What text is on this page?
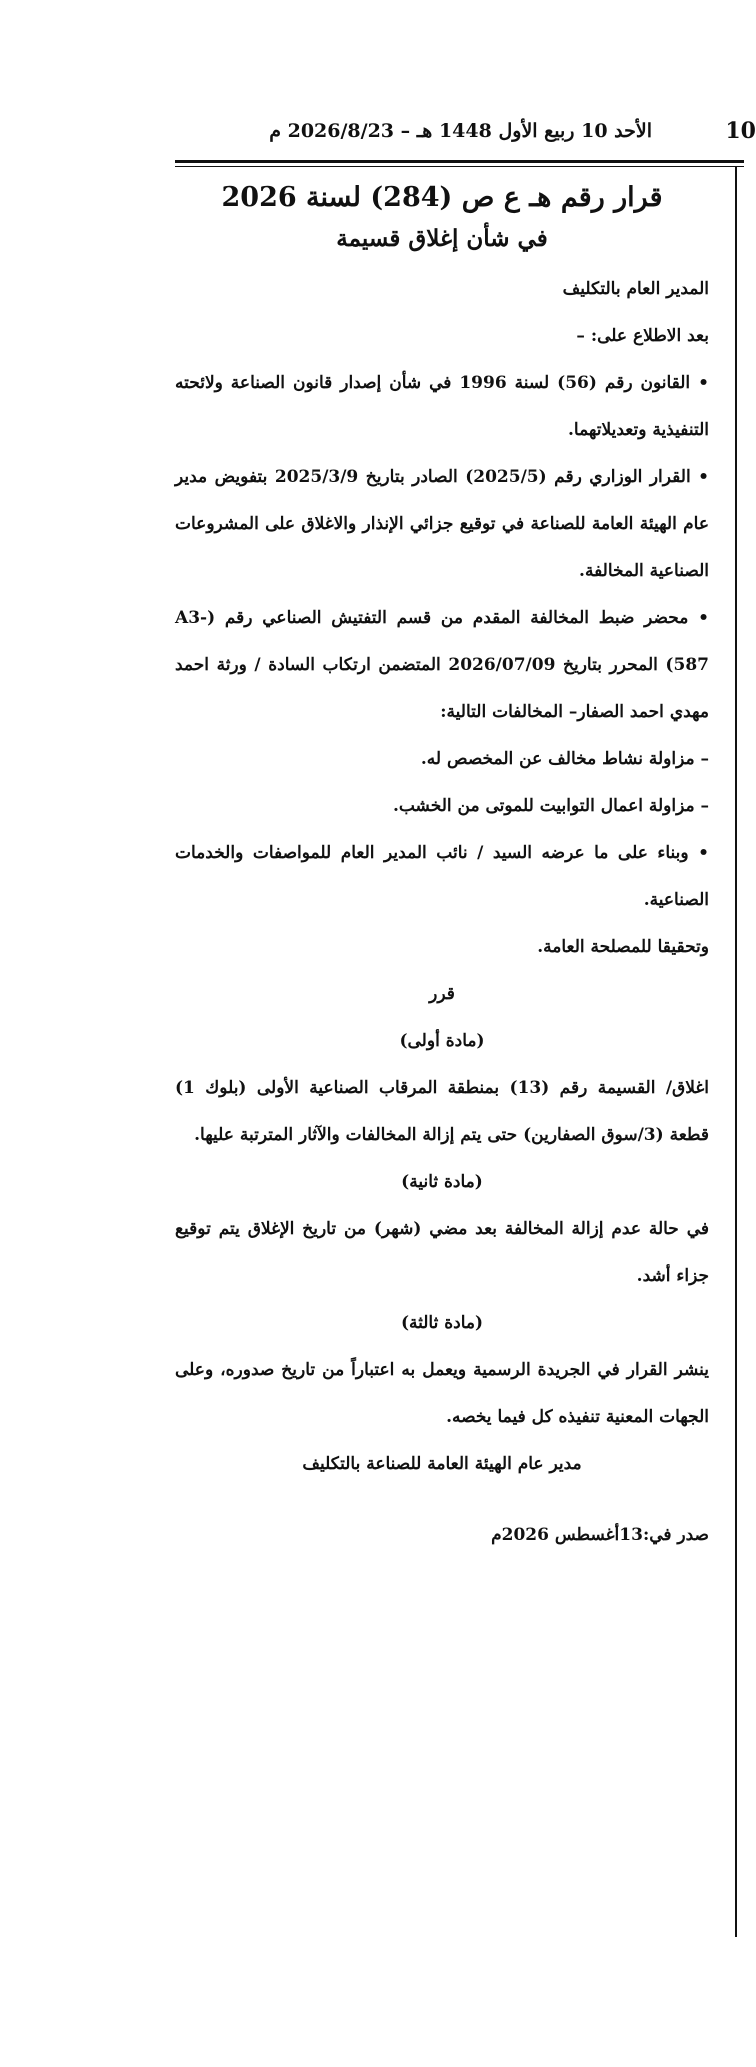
10
الأحد 10 ربيع الأول 1448 هـ – 2026/8/23 م
قرار رقم هـ ع ص (284) لسنة 2026
في شأن إغلاق قسيمة

المدير العام بالتكليف

بعد الاطلاع على: –

• القانون رقم (56) لسنة 1996 في شأن إصدار قانون الصناعة ولائحته التنفيذية وتعديلاتهما.

• القرار الوزاري رقم (2025/5) الصادر بتاريخ 2025/3/9 بتفويض مدير عام الهيئة العامة للصناعة في توقيع جزائي الإنذار والاغلاق على المشروعات الصناعية المخالفة.

• محضر ضبط المخالفة المقدم من قسم التفتيش الصناعي رقم (A3-587) المحرر بتاريخ 2026/07/09 المتضمن ارتكاب السادة / ورثة احمد مهدي احمد الصفار– المخالفات التالية:

– مزاولة نشاط مخالف عن المخصص له.

– مزاولة اعمال التوابيت للموتى من الخشب.

• وبناء على ما عرضه السيد / نائب المدير العام للمواصفات والخدمات الصناعية.

وتحقيقا للمصلحة العامة.

قرر

(مادة أولى)

اغلاق/ القسيمة رقم (13) بمنطقة المرقاب الصناعية الأولى (بلوك 1) قطعة (3/سوق الصفارين) حتى يتم إزالة المخالفات والآثار المترتبة عليها.

(مادة ثانية)

في حالة عدم إزالة المخالفة بعد مضي (شهر) من تاريخ الإغلاق يتم توقيع جزاء أشد.

(مادة ثالثة)

ينشر القرار في الجريدة الرسمية ويعمل به اعتباراً من تاريخ صدوره، وعلى الجهات المعنية تنفيذه كل فيما يخصه.

مدير عام الهيئة العامة للصناعة بالتكليف

صدر في:13أغسطس 2026م
